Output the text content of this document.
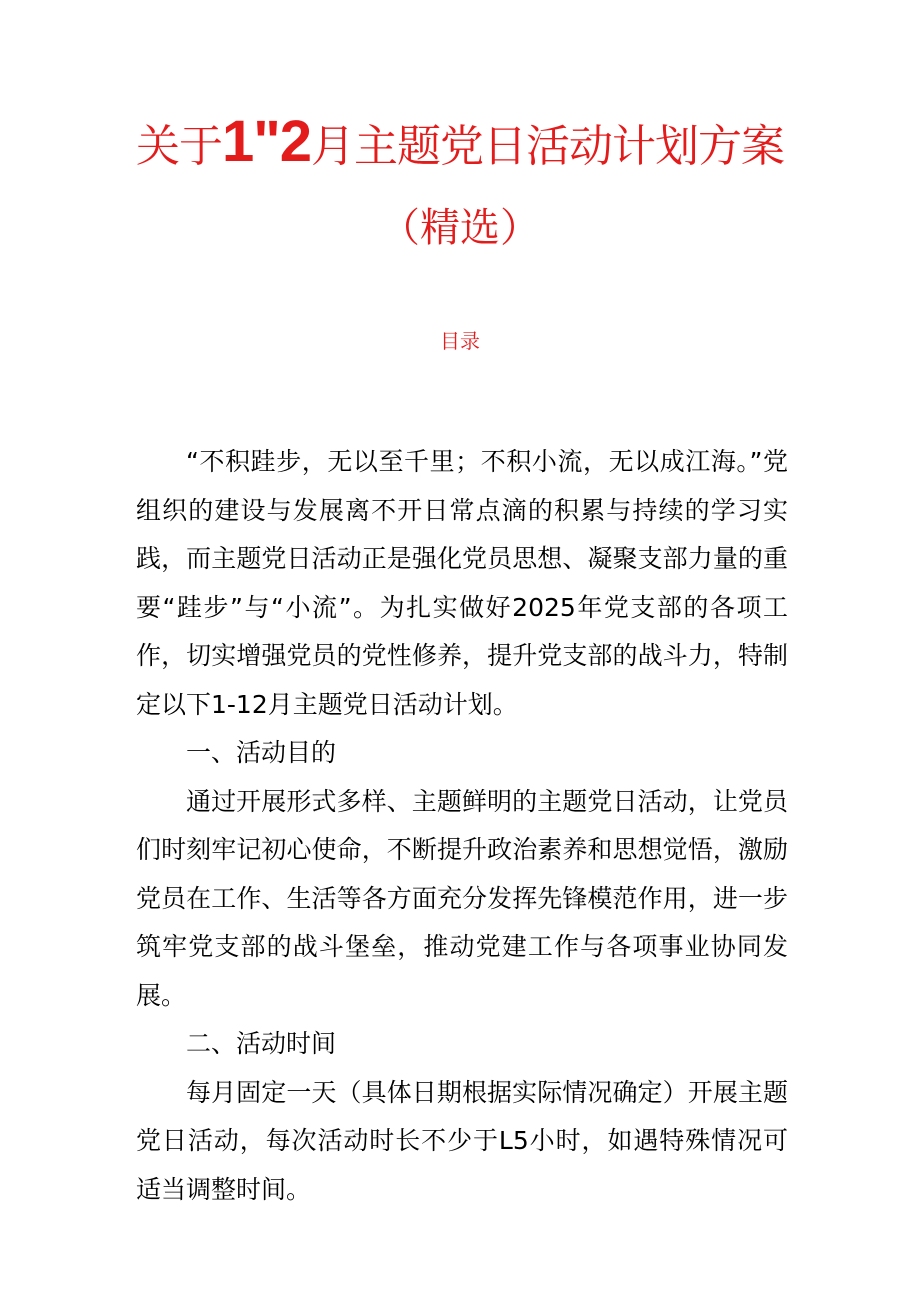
关于1"2月主题党日活动计划方案
（精选）
目录

“不积跬步，无以至千里；不积小流，无以成江海。”党组织的建设与发展离不开日常点滴的积累与持续的学习实践，而主题党日活动正是强化党员思想、凝聚支部力量的重要“跬步”与“小流”。为扎实做好2025年党支部的各项工作，切实增强党员的党性修养，提升党支部的战斗力，特制定以下1-12月主题党日活动计划。

一、活动目的

通过开展形式多样、主题鲜明的主题党日活动，让党员们时刻牢记初心使命，不断提升政治素养和思想觉悟，激励党员在工作、生活等各方面充分发挥先锋模范作用，进一步筑牢党支部的战斗堡垒，推动党建工作与各项事业协同发展。

二、活动时间

每月固定一天（具体日期根据实际情况确定）开展主题党日活动，每次活动时长不少于L5小时，如遇特殊情况可适当调整时间。
